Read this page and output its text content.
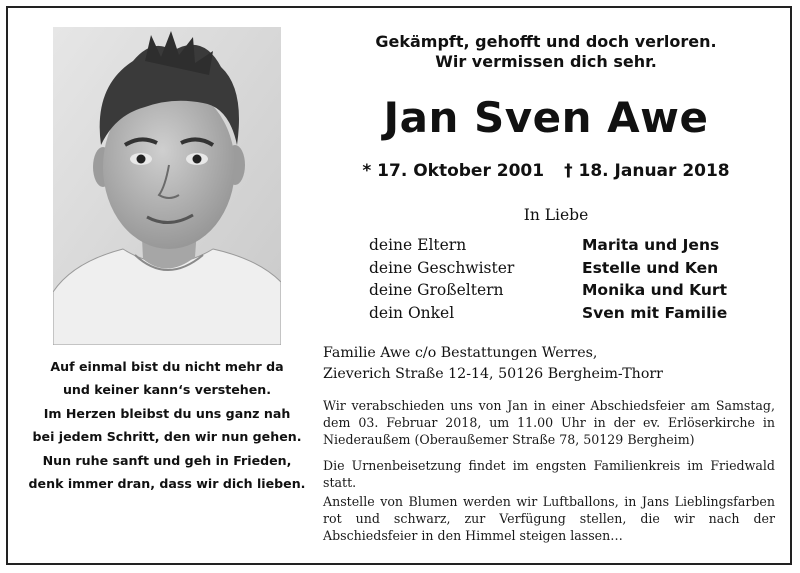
Auf einmal bist du nicht mehr da
und keiner kann‘s verstehen.
Im Herzen bleibst du uns ganz nah
bei jedem Schritt, den wir nun gehen.
Nun ruhe sanft und geh in Frieden,
denk immer dran, dass wir dich lieben.
Gekämpft, gehofft und doch verloren.
Wir vermissen dich sehr.
Jan Sven Awe
* 17. Oktober 2001 † 18. Januar 2018
In Liebe
deine Eltern	Marita und Jens
deine Geschwister	Estelle und Ken
deine Großeltern	Monika und Kurt
dein Onkel	Sven mit Familie
Familie Awe c/o Bestattungen Werres,
Zieverich Straße 12-14, 50126 Bergheim-Thorr
Wir verabschieden uns von Jan in einer Abschiedsfeier am Samstag, dem 03. Februar 2018, um 11.00 Uhr in der ev. Erlöserkirche in Niederaußem (Oberaußemer Straße 78, 50129 Bergheim)
Die Urnenbeisetzung findet im engsten Familienkreis im Friedwald statt.
Anstelle von Blumen werden wir Luftballons, in Jans Lieblingsfarben rot und schwarz, zur Verfügung stellen, die wir nach der Abschiedsfeier in den Himmel steigen lassen…
